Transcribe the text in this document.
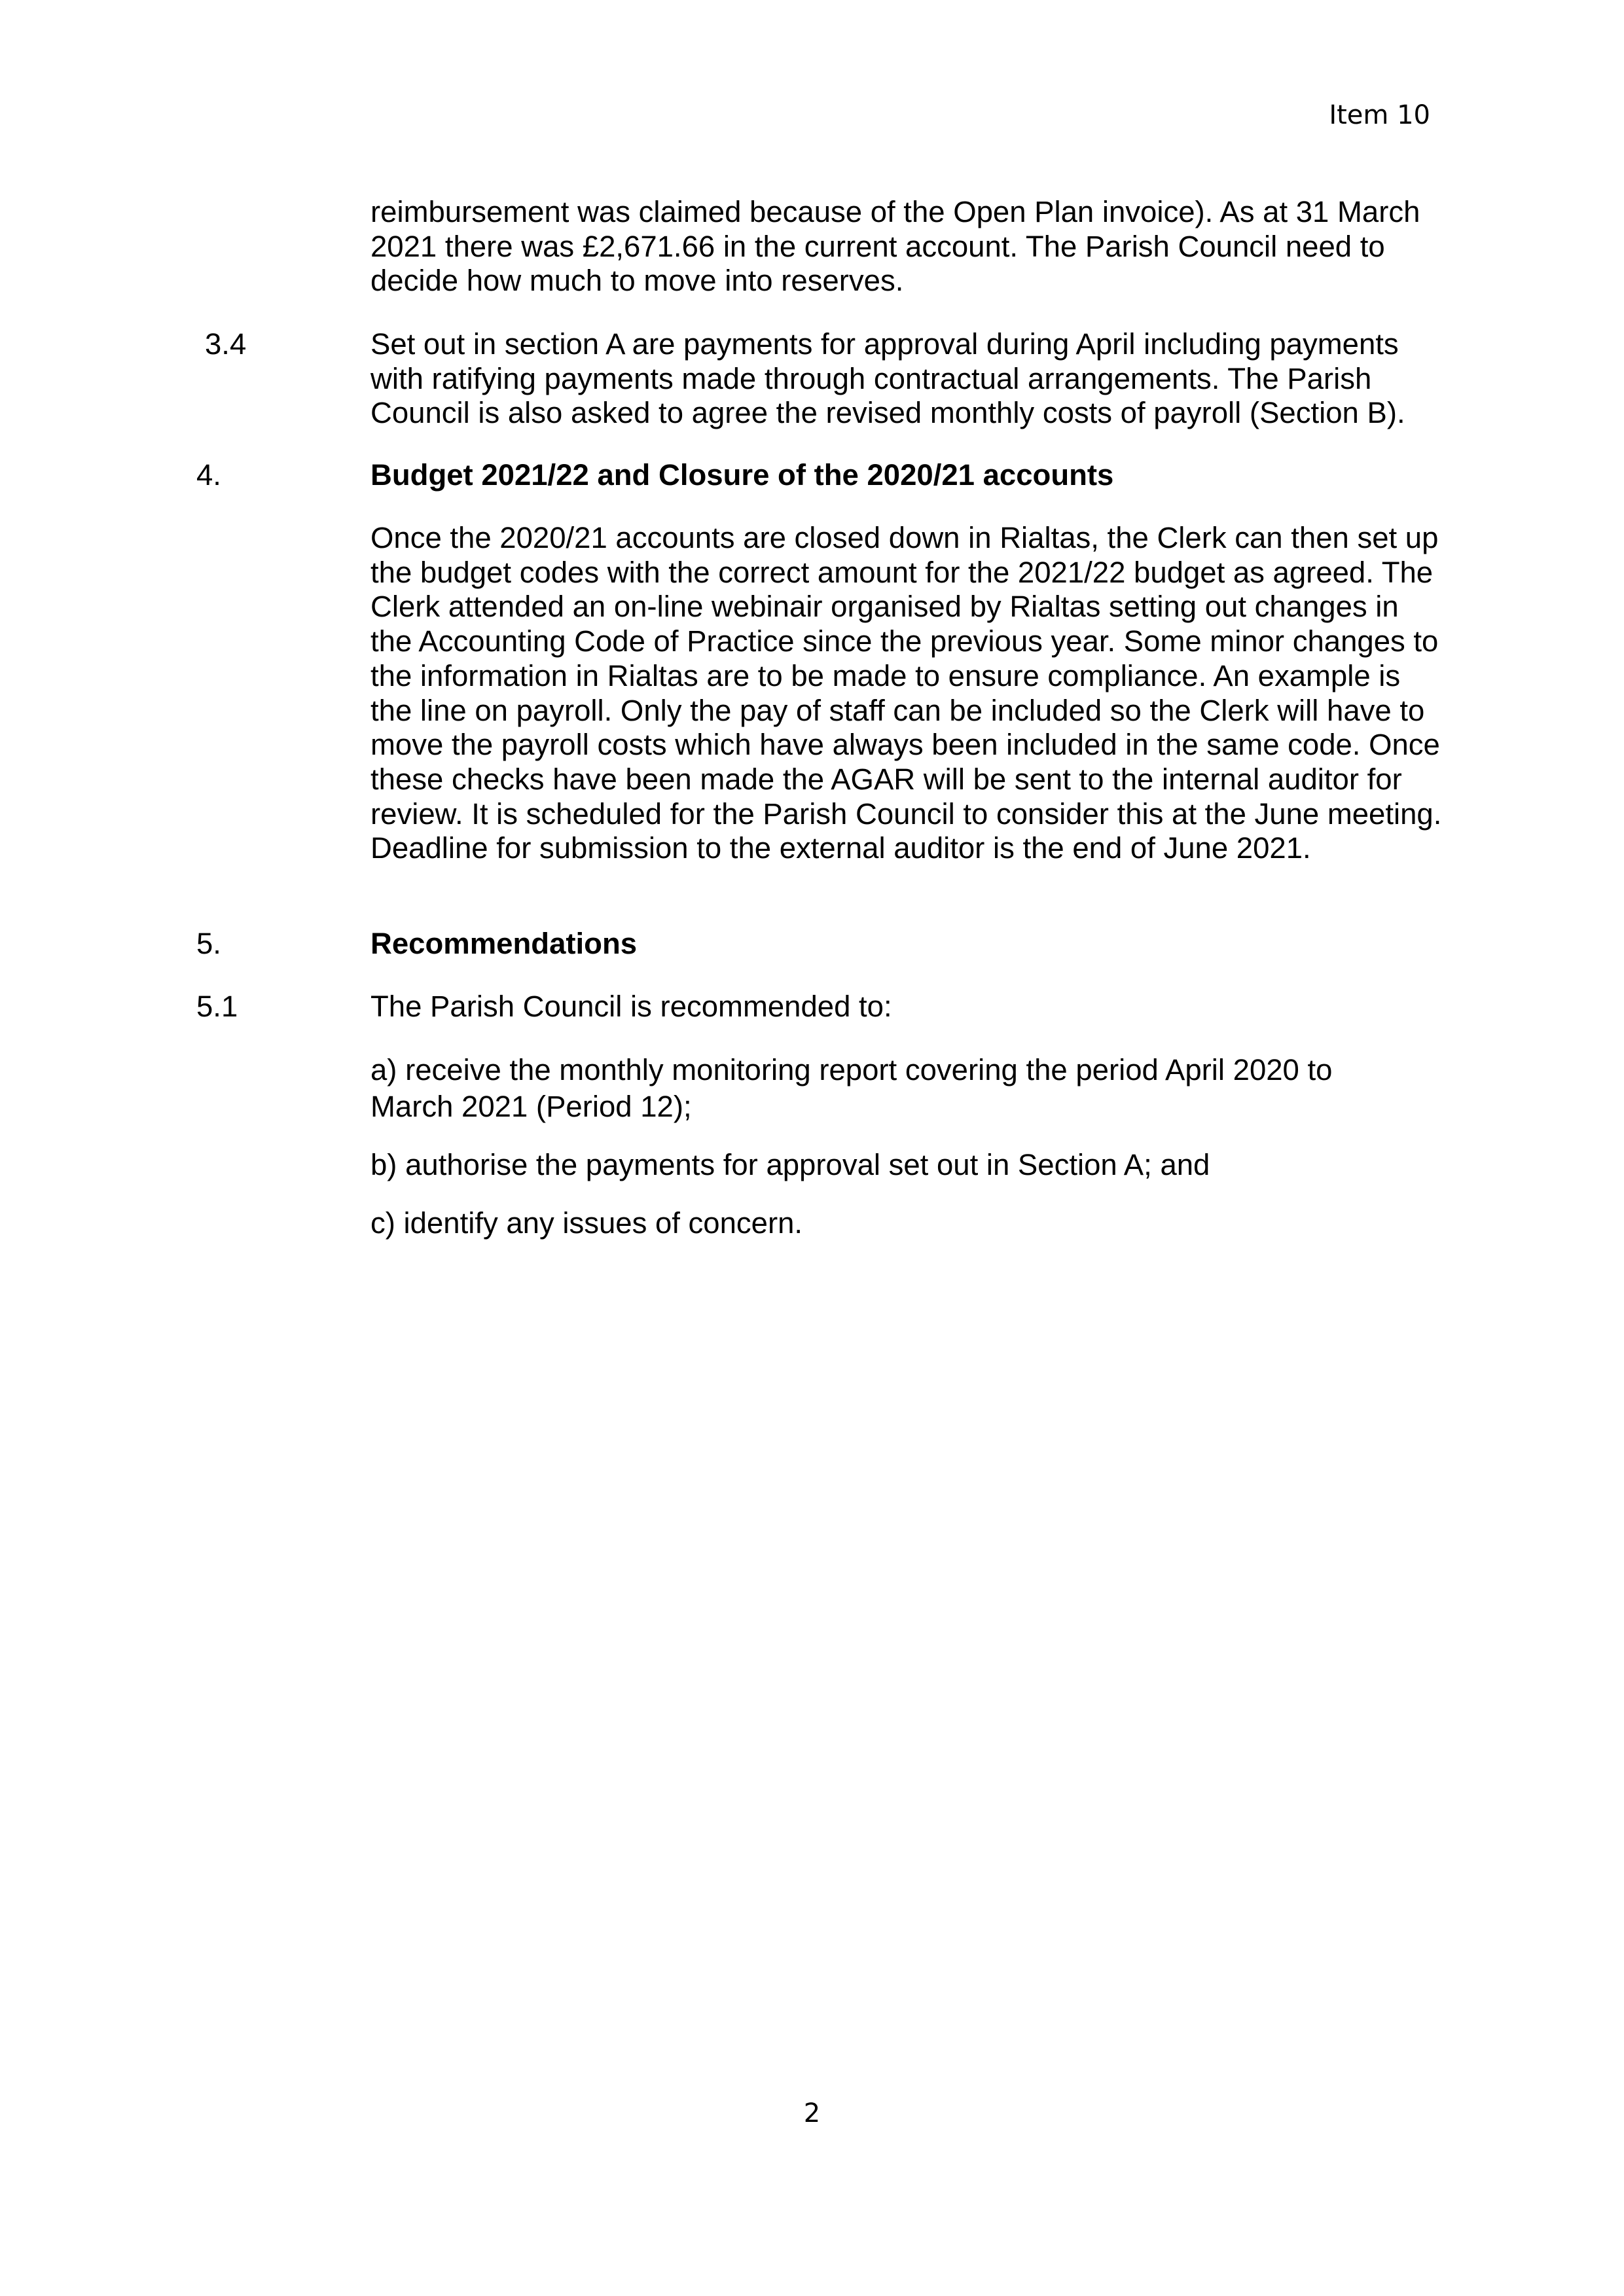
Item 10

reimbursement was claimed because of the Open Plan invoice). As at 31 March 2021 there was £2,671.66 in the current account. The Parish Council need to decide how much to move into reserves.

3.4	Set out in section A are payments for approval during April including payments with ratifying payments made through contractual arrangements. The Parish Council is also asked to agree the revised monthly costs of payroll (Section B).

4.	Budget 2021/22 and Closure of the 2020/21 accounts

Once the 2020/21 accounts are closed down in Rialtas, the Clerk can then set up the budget codes with the correct amount for the 2021/22 budget as agreed. The Clerk attended an on-line webinair organised by Rialtas setting out changes in the Accounting Code of Practice since the previous year. Some minor changes to the information in Rialtas are to be made to ensure compliance. An example is the line on payroll. Only the pay of staff can be included so the Clerk will have to move the payroll costs which have always been included in the same code. Once these checks have been made the AGAR will be sent to the internal auditor for review. It is scheduled for the Parish Council to consider this at the June meeting. Deadline for submission to the external auditor is the end of June 2021.

5.	Recommendations

5.1	The Parish Council is recommended to:

a) receive the monthly monitoring report covering the period April 2020 to March 2021 (Period 12);

b) authorise the payments for approval set out in Section A; and

c) identify any issues of concern.

2
